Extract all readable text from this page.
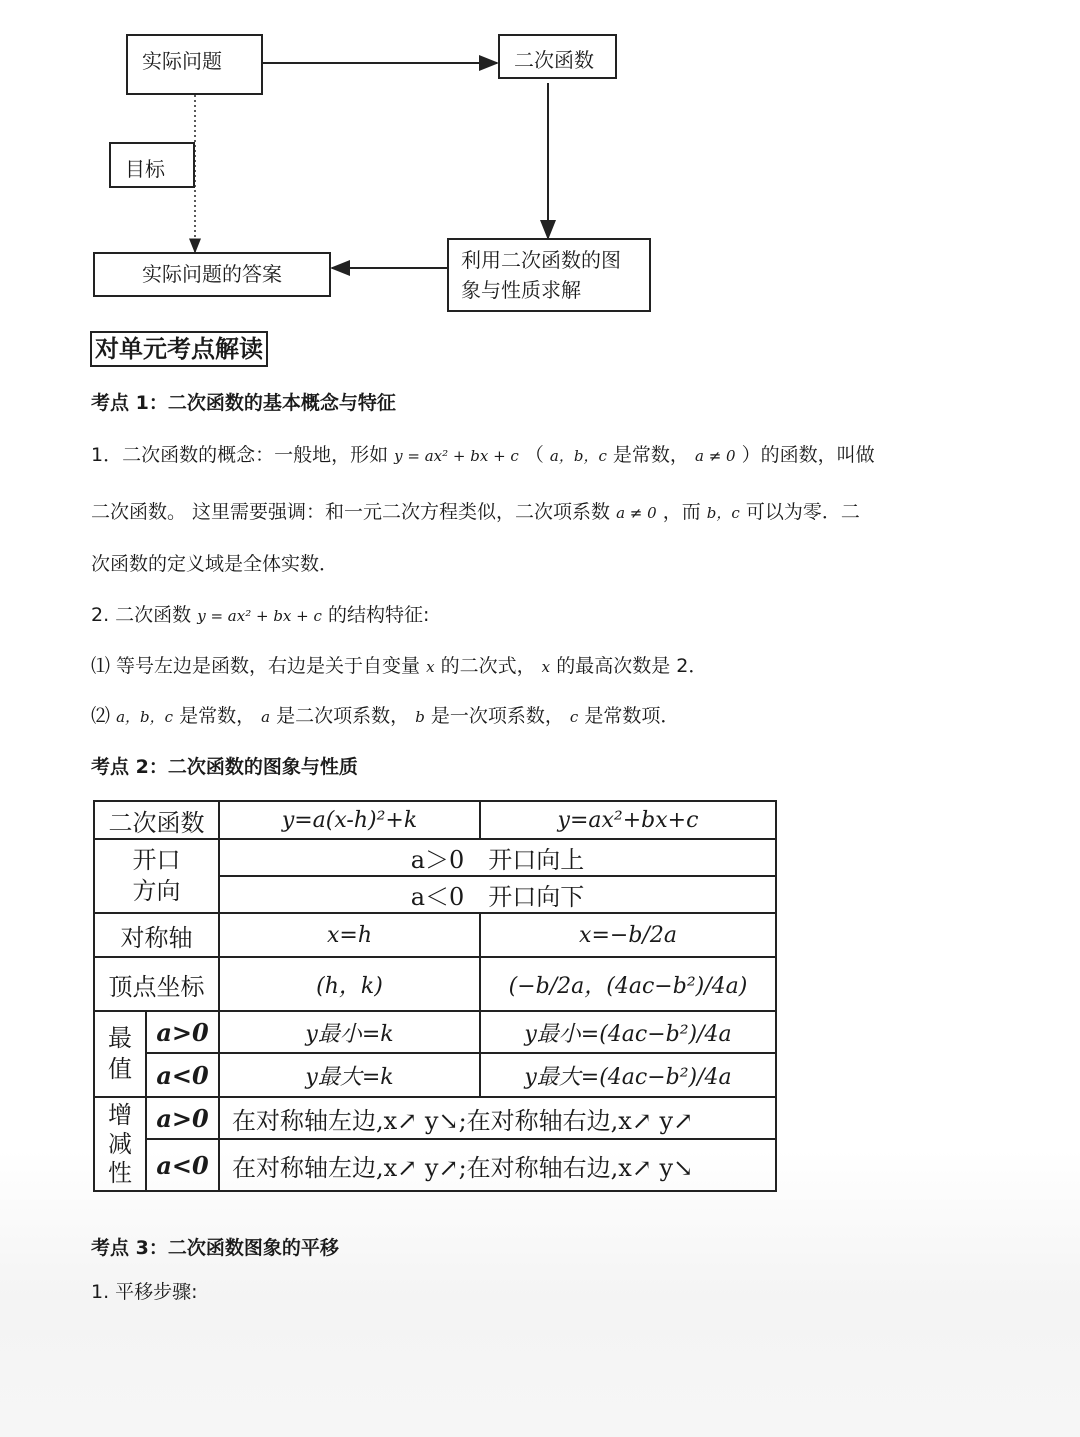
实际问题	二次函数
目标
实际问题的答案
利用二次函数的图
象与性质求解
对单元考点解读
考点 1：二次函数的基本概念与特征
1．二次函数的概念：一般地，形如 y = ax² + bx + c （ a，b，c 是常数， a ≠ 0 ）的函数，叫做
二次函数。 这里需要强调：和一元二次方程类似，二次项系数 a ≠ 0 ，而 b，c 可以为零．二
次函数的定义域是全体实数．
2. 二次函数 y = ax² + bx + c 的结构特征:
⑴ 等号左边是函数，右边是关于自变量 x 的二次式， x 的最高次数是 2．
⑵ a，b，c 是常数， a 是二次项系数， b 是一次项系数， c 是常数项．
考点 2：二次函数的图象与性质
二次函数		y=a(x-h)²+k	y=ax²+bx+c

开口方向		a＞0　开口向上	
		a＜0　开口向下	
对称轴		x=h	x=−b/2a
顶点坐标		(h，k)	(−b/2a，(4ac−b²)/4a)

最值	a>0	y最小=k	y最小=(4ac−b²)/4a
	a<0	y最大=k	y最大=(4ac−b²)/4a

增减性	a>0	在对称轴左边,x↗ y↘;在对称轴右边,x↗ y↗	
	a<0	在对称轴左边,x↗ y↗;在对称轴右边,x↗ y↘	
考点 3：二次函数图象的平移
1. 平移步骤:
